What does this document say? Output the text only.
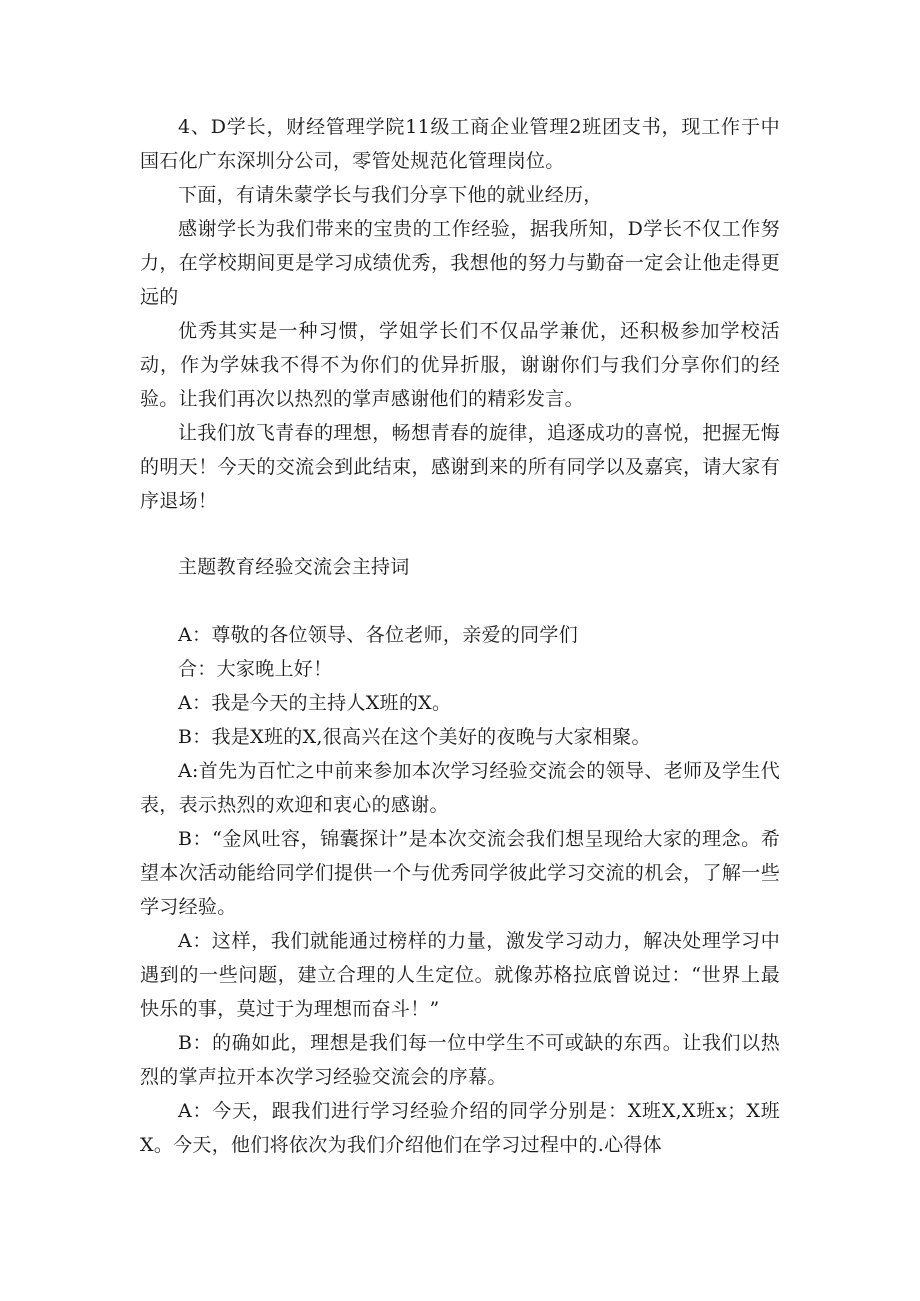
4、D学长，财经管理学院11级工商企业管理2班团支书，现工作于中国石化广东深圳分公司，零管处规范化管理岗位。

下面，有请朱蒙学长与我们分享下他的就业经历，

感谢学长为我们带来的宝贵的工作经验，据我所知，D学长不仅工作努力，在学校期间更是学习成绩优秀，我想他的努力与勤奋一定会让他走得更远的

优秀其实是一种习惯，学姐学长们不仅品学兼优，还积极参加学校活动，作为学妹我不得不为你们的优异折服，谢谢你们与我们分享你们的经验。让我们再次以热烈的掌声感谢他们的精彩发言。

让我们放飞青春的理想，畅想青春的旋律，追逐成功的喜悦，把握无悔的明天！今天的交流会到此结束，感谢到来的所有同学以及嘉宾，请大家有序退场！

主题教育经验交流会主持词

A：尊敬的各位领导、各位老师，亲爱的同学们

合：大家晚上好！

A：我是今天的主持人X班的X。

B：我是X班的X,很高兴在这个美好的夜晚与大家相聚。

A:首先为百忙之中前来参加本次学习经验交流会的领导、老师及学生代表，表示热烈的欢迎和衷心的感谢。

B：“金风吐容，锦囊探计”是本次交流会我们想呈现给大家的理念。希望本次活动能给同学们提供一个与优秀同学彼此学习交流的机会，了解一些学习经验。

A：这样，我们就能通过榜样的力量，激发学习动力，解决处理学习中遇到的一些问题，建立合理的人生定位。就像苏格拉底曾说过：“世界上最快乐的事，莫过于为理想而奋斗！”

B：的确如此，理想是我们每一位中学生不可或缺的东西。让我们以热烈的掌声拉开本次学习经验交流会的序幕。

A：今天，跟我们进行学习经验介绍的同学分别是：X班X,X班x；X班X。今天，他们将依次为我们介绍他们在学习过程中的.心得体
